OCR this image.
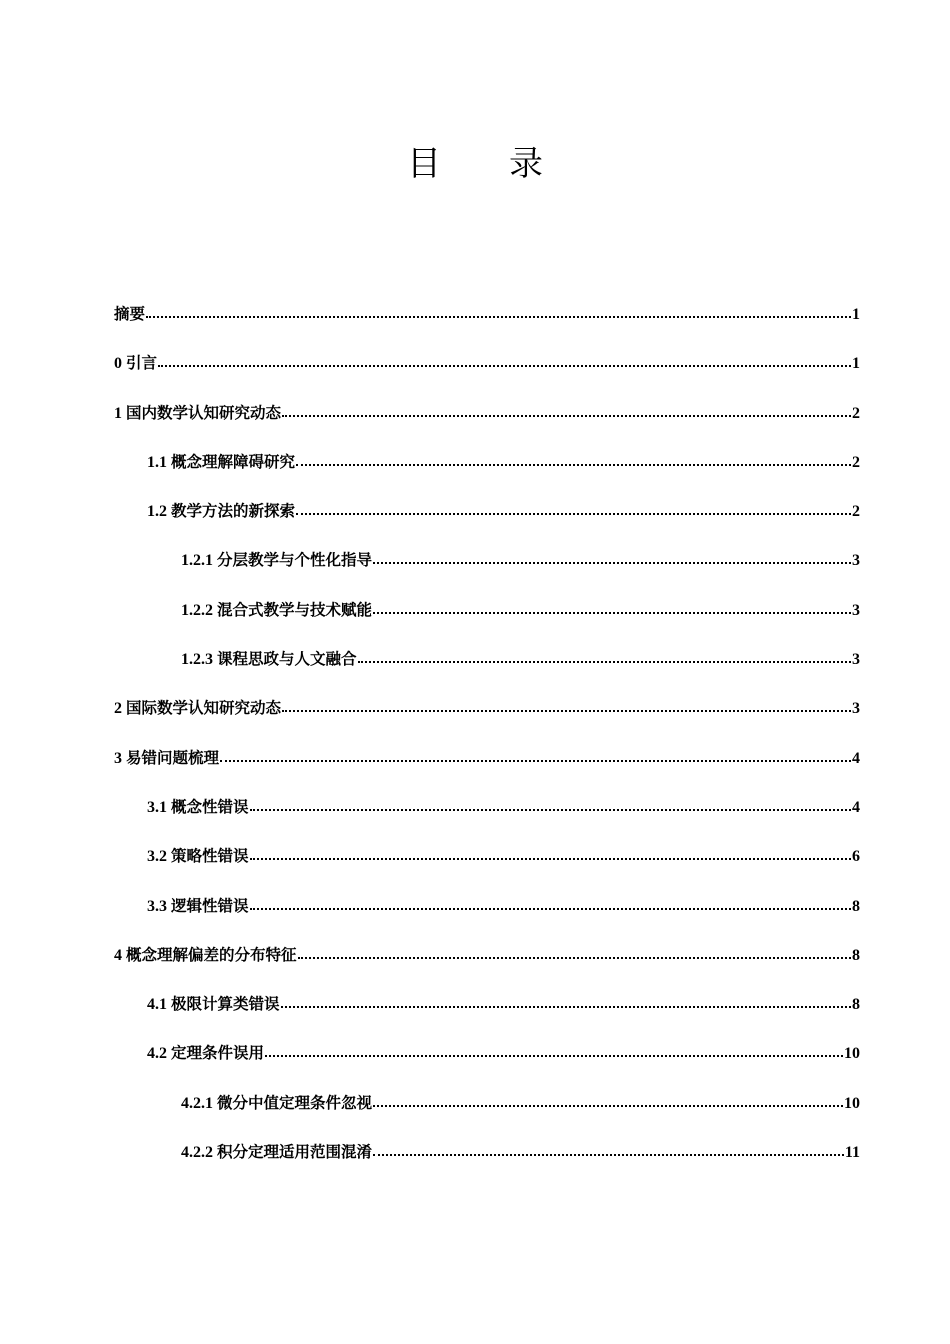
目　　录
摘要	1
0 引言	1
1 国内数学认知研究动态	2
1.1 概念理解障碍研究	2
1.2 教学方法的新探索	2
1.2.1 分层教学与个性化指导	3
1.2.2 混合式教学与技术赋能	3
1.2.3 课程思政与人文融合	3
2 国际数学认知研究动态	3
3 易错问题梳理	4
3.1 概念性错误	4
3.2 策略性错误	6
3.3 逻辑性错误	8
4 概念理解偏差的分布特征	8
4.1 极限计算类错误	8
4.2 定理条件误用	10
4.2.1 微分中值定理条件忽视	10
4.2.2 积分定理适用范围混淆	11
